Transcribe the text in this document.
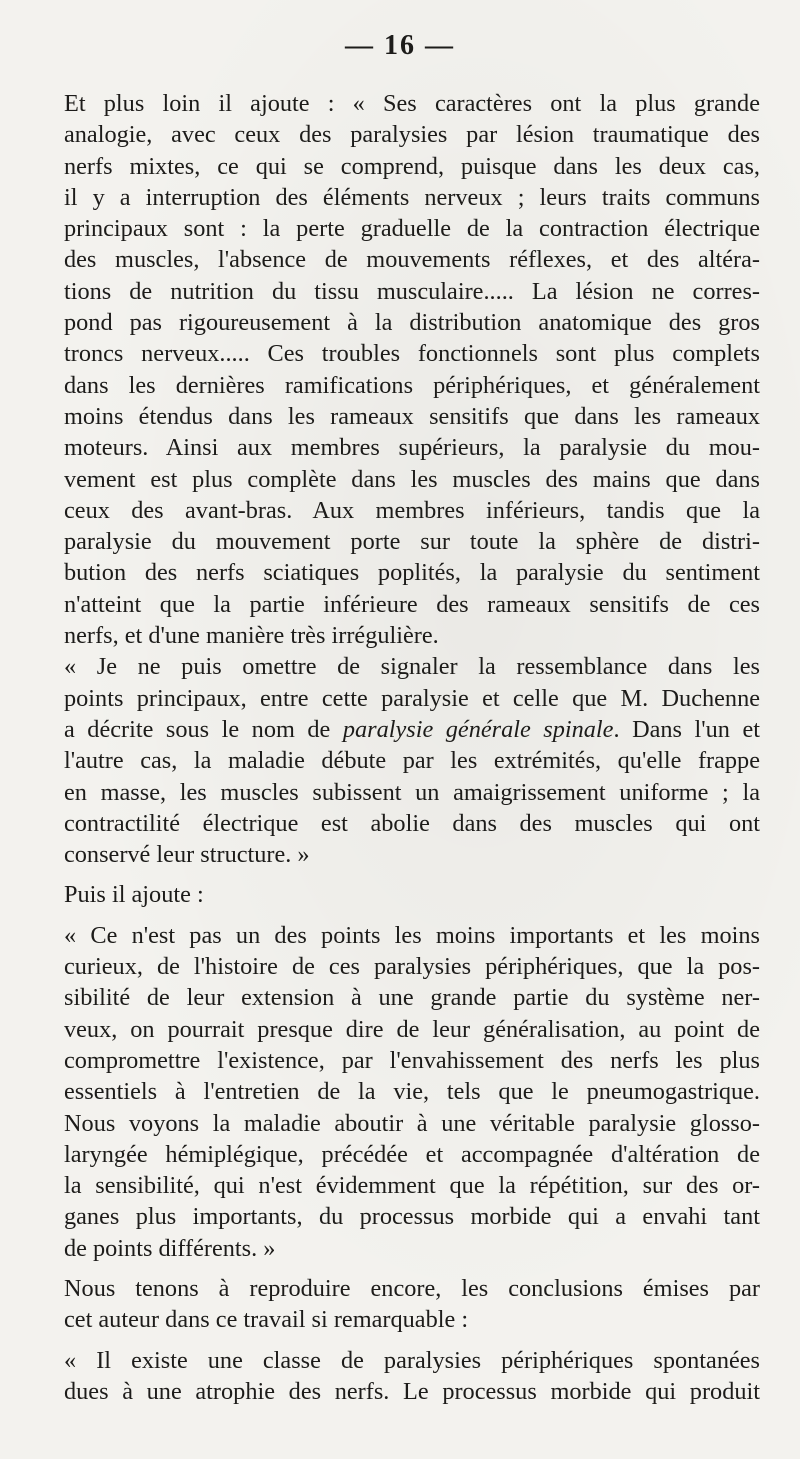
— 16 —
Et plus loin il ajoute : « Ses caractères ont la plus grande
analogie, avec ceux des paralysies par lésion traumatique des
nerfs mixtes, ce qui se comprend, puisque dans les deux cas,
il y a interruption des éléments nerveux ; leurs traits communs
principaux sont : la perte graduelle de la contraction électrique
des muscles, l'absence de mouvements réflexes, et des altéra-
tions de nutrition du tissu musculaire..... La lésion ne corres-
pond pas rigoureusement à la distribution anatomique des gros
troncs nerveux..... Ces troubles fonctionnels sont plus complets
dans les dernières ramifications périphériques, et généralement
moins étendus dans les rameaux sensitifs que dans les rameaux
moteurs. Ainsi aux membres supérieurs, la paralysie du mou-
vement est plus complète dans les muscles des mains que dans
ceux des avant-bras. Aux membres inférieurs, tandis que la
paralysie du mouvement porte sur toute la sphère de distri-
bution des nerfs sciatiques poplités, la paralysie du sentiment
n'atteint que la partie inférieure des rameaux sensitifs de ces
nerfs, et d'une manière très irrégulière.
« Je ne puis omettre de signaler la ressemblance dans les
points principaux, entre cette paralysie et celle que M. Duchenne
a décrite sous le nom de paralysie générale spinale. Dans l'un et
l'autre cas, la maladie débute par les extrémités, qu'elle frappe
en masse, les muscles subissent un amaigrissement uniforme ; la
contractilité électrique est abolie dans des muscles qui ont
conservé leur structure. »
Puis il ajoute :
« Ce n'est pas un des points les moins importants et les moins
curieux, de l'histoire de ces paralysies périphériques, que la pos-
sibilité de leur extension à une grande partie du système ner-
veux, on pourrait presque dire de leur généralisation, au point de
compromettre l'existence, par l'envahissement des nerfs les plus
essentiels à l'entretien de la vie, tels que le pneumogastrique.
Nous voyons la maladie aboutir à une véritable paralysie glosso-
laryngée hémiplégique, précédée et accompagnée d'altération de
la sensibilité, qui n'est évidemment que la répétition, sur des or-
ganes plus importants, du processus morbide qui a envahi tant
de points différents. »
Nous tenons à reproduire encore, les conclusions émises par
cet auteur dans ce travail si remarquable :
« Il existe une classe de paralysies périphériques spontanées
dues à une atrophie des nerfs. Le processus morbide qui produit
